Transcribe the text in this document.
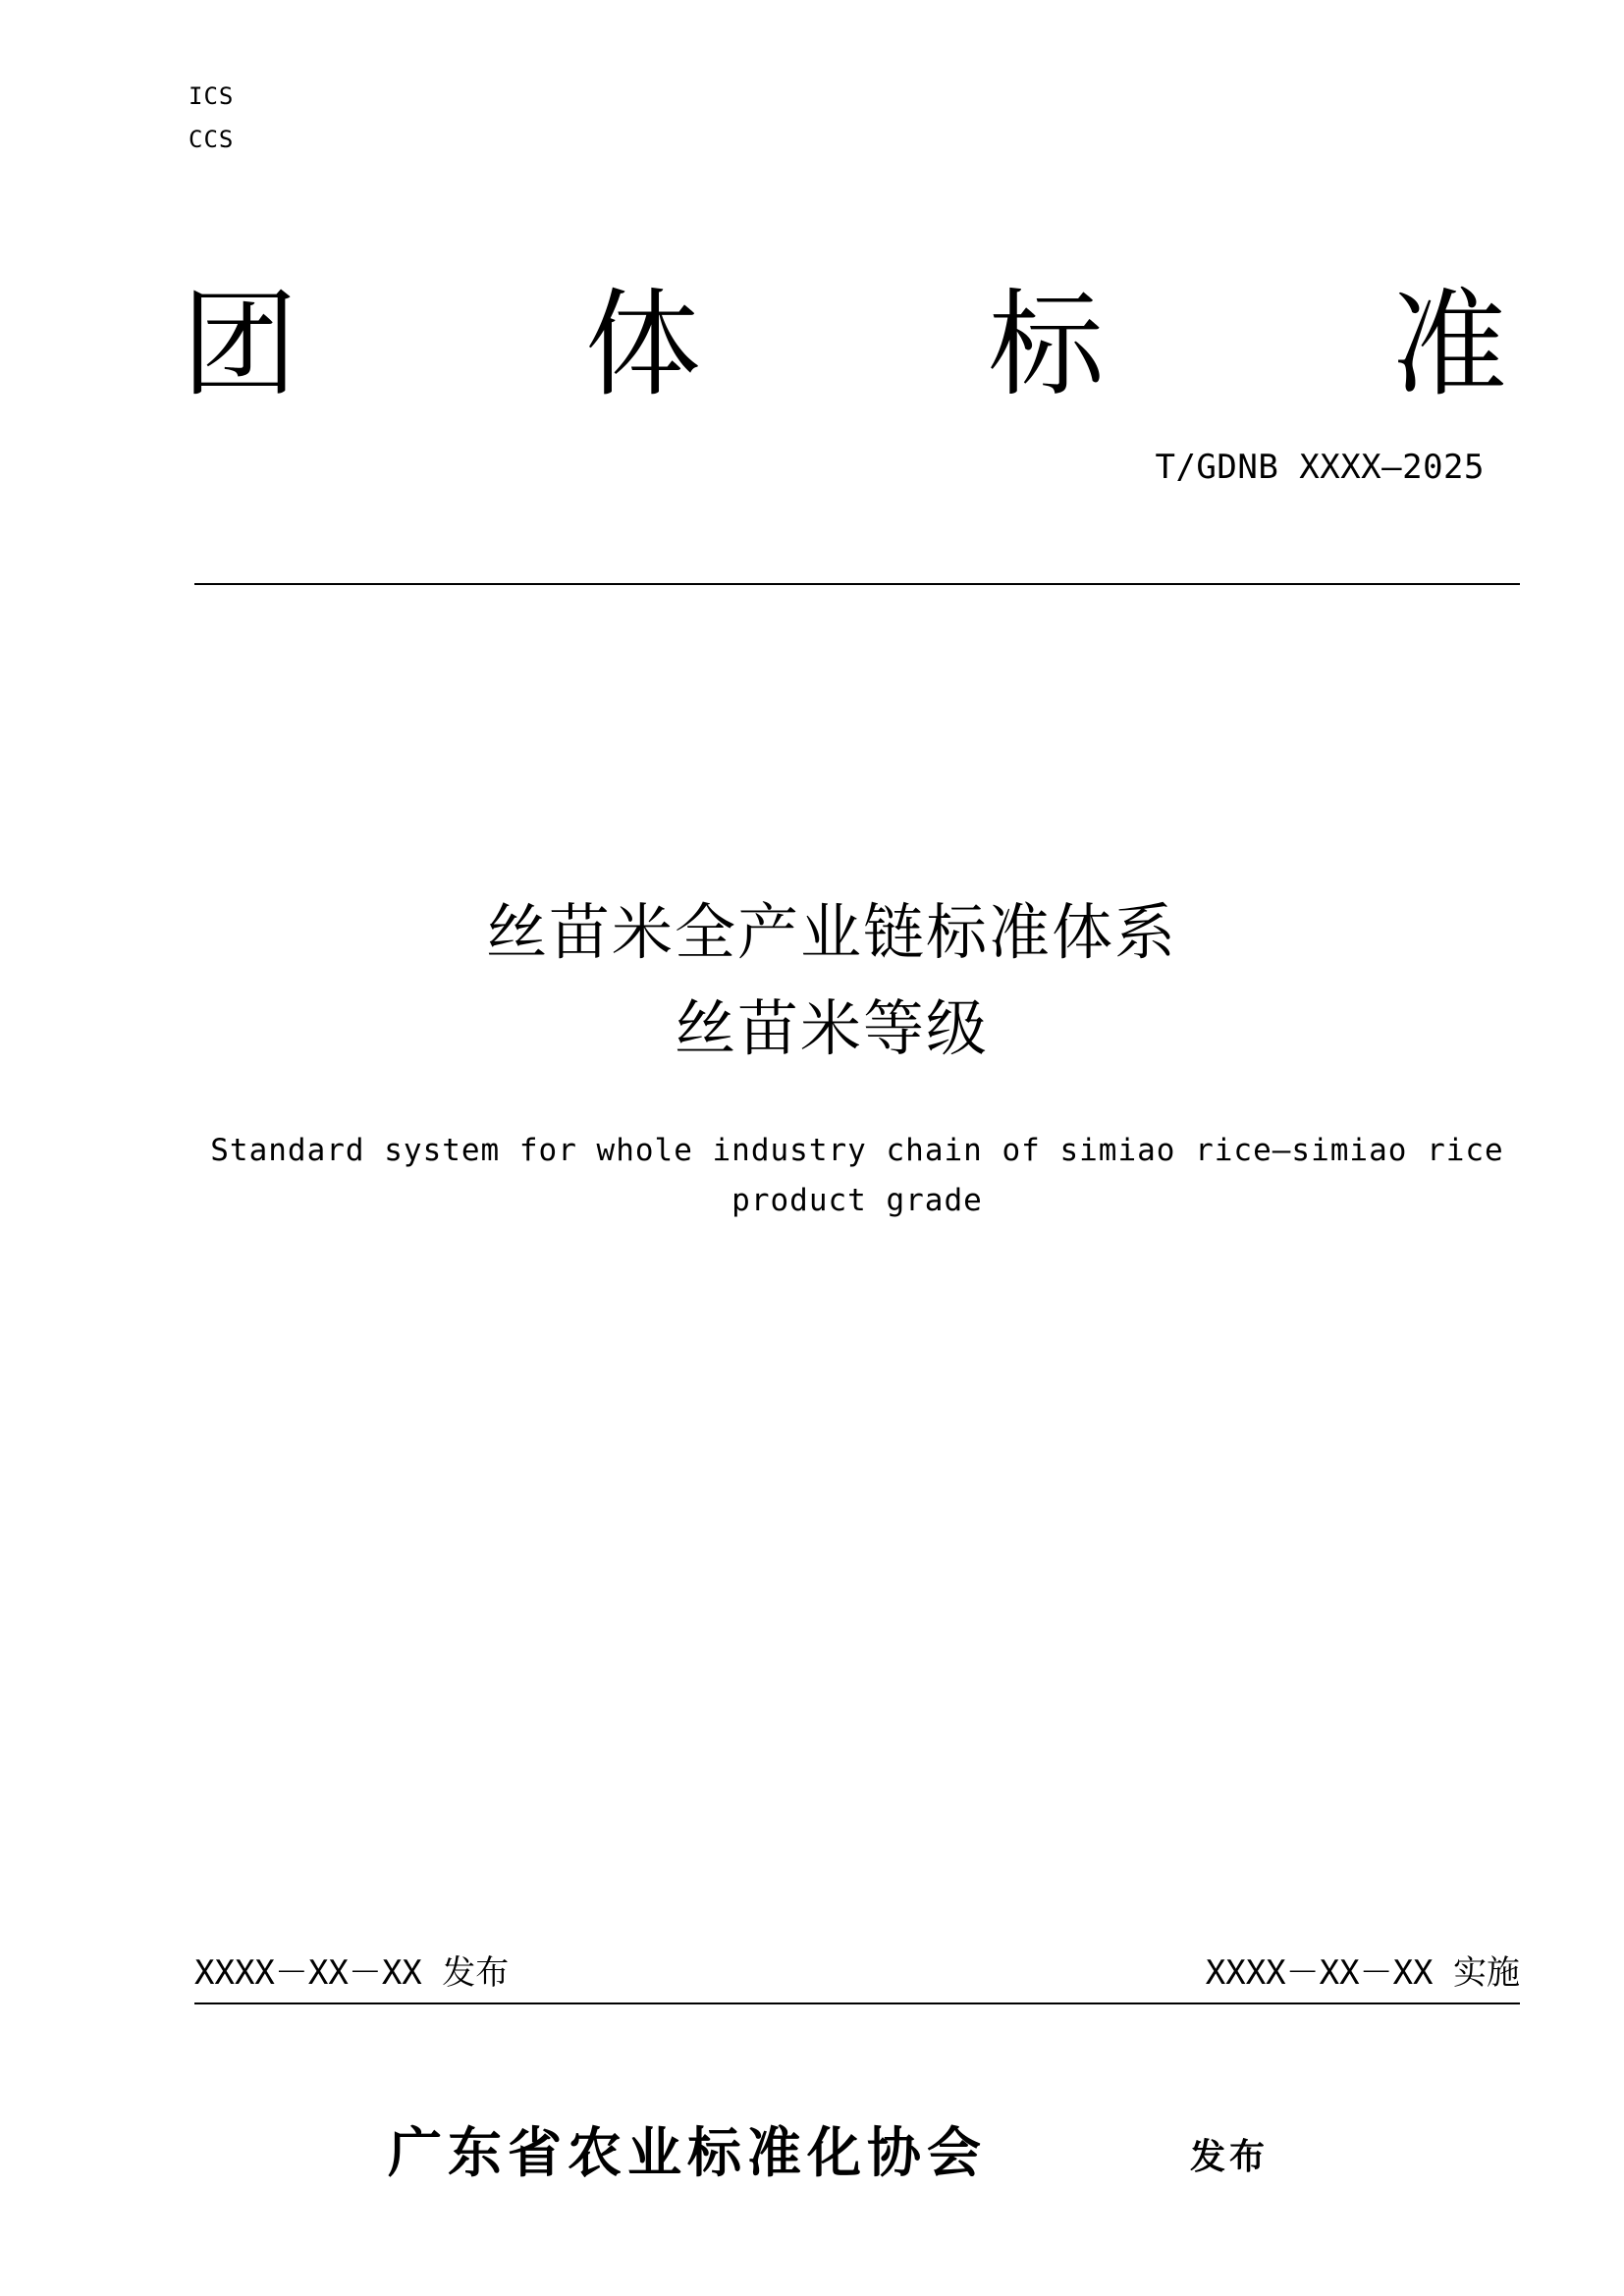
ICS
CCS
团 体 标 准
T/GDNB XXXX—2025
丝苗米全产业链标准体系
丝苗米等级
Standard system for whole industry chain of simiao rice—simiao rice
product grade
XXXX－XX－XX 发布	XXXX－XX－XX 实施
广东省农业标准化协会	发布
